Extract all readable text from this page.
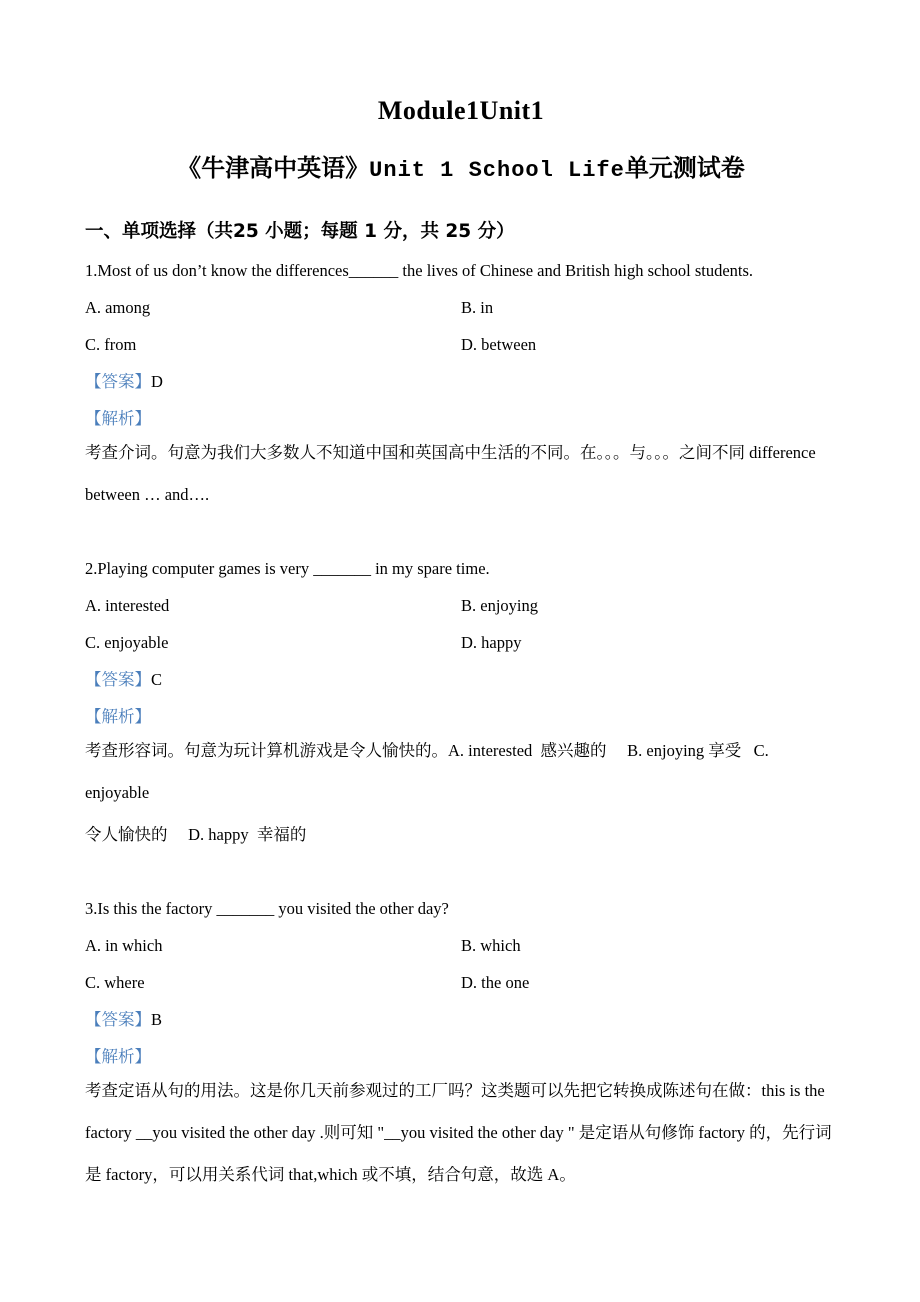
Module1Unit1
《牛津高中英语》Unit 1 School Life单元测试卷
一、单项选择（共25 小题；每题 1 分，共 25 分）

1.Most of us don’t know the differences______ the lives of Chinese and British high school students.

A. among	B. in
C. from	D. between

【答案】D

【解析】

考查介词。句意为我们大多数人不知道中国和英国高中生活的不同。在。。。与。。。之间不同 difference
between … and….

2.Playing computer games is very _______ in my spare time.

A. interested	B. enjoying
C. enjoyable	D. happy

【答案】C

【解析】

考查形容词。句意为玩计算机游戏是令人愉快的。A. interested  感兴趣的     B. enjoying 享受   C. enjoyable
令人愉快的     D. happy  幸福的

3.Is this the factory _______ you visited the other day?

A. in which	B. which
C. where	D. the one

【答案】B

【解析】

考查定语从句的用法。这是你几天前参观过的工厂吗？这类题可以先把它转换成陈述句在做：this is the
factory __you visited the other day .则可知 "__you visited the other day " 是定语从句修饰 factory 的，先行词
是 factory，可以用关系代词 that,which 或不填，结合句意，故选 A。
